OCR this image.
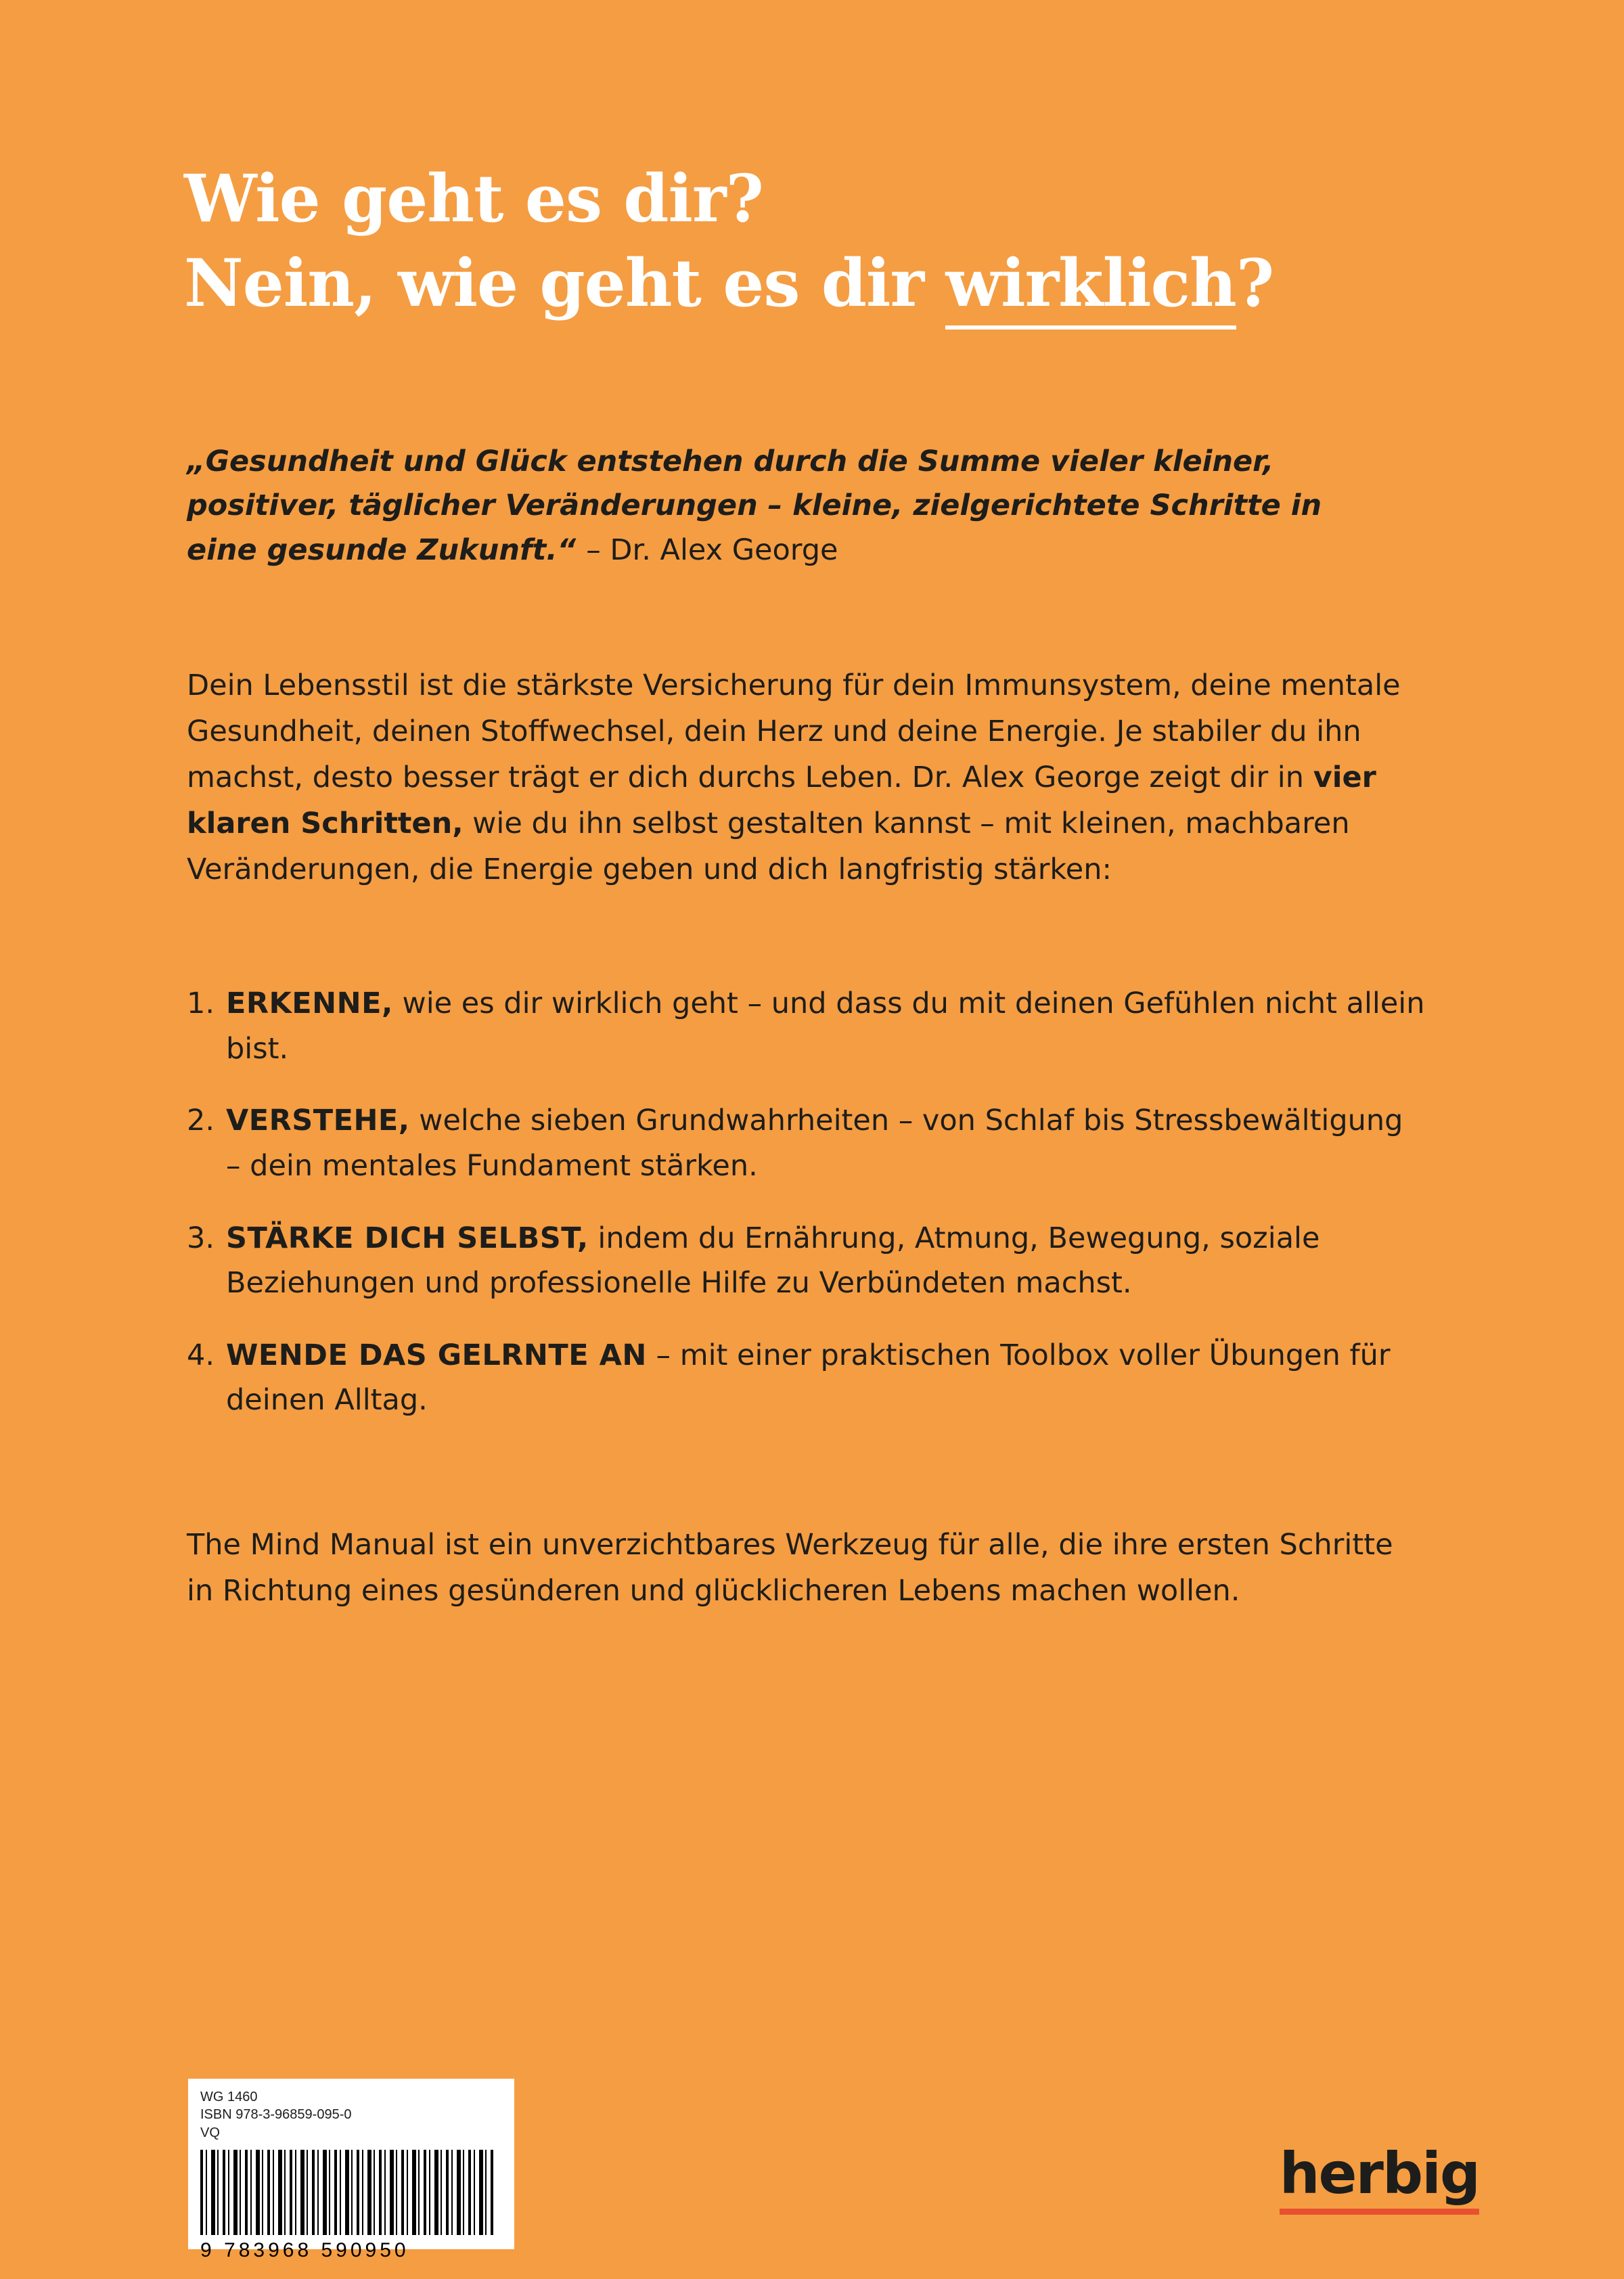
Wie geht es dir?
Nein, wie geht es dir wirklich?
„Gesundheit und Glück entstehen durch die Summe vieler kleiner, positiver, täglicher Veränderungen – kleine, zielgerichtete Schritte in eine gesunde Zukunft.“ – Dr. Alex George
Dein Lebensstil ist die stärkste Versicherung für dein Immunsystem, deine mentale Gesundheit, deinen Stoffwechsel, dein Herz und deine Energie. Je stabiler du ihn machst, desto besser trägt er dich durchs Leben. Dr. Alex George zeigt dir in vier klaren Schritten, wie du ihn selbst gestalten kannst – mit kleinen, machbaren Veränderungen, die Energie geben und dich langfristig stärken:
1. ERKENNE, wie es dir wirklich geht – und dass du mit deinen Gefühlen nicht allein bist.
2. VERSTEHE, welche sieben Grundwahrheiten – von Schlaf bis Stressbewältigung – dein mentales Fundament stärken.
3. STÄRKE DICH SELBST, indem du Ernährung, Atmung, Bewegung, soziale Beziehungen und professionelle Hilfe zu Verbündeten machst.
4. WENDE DAS GELRNTE AN – mit einer praktischen Toolbox voller Übungen für deinen Alltag.
The Mind Manual ist ein unverzichtbares Werkzeug für alle, die ihre ersten Schritte in Richtung eines gesünderen und glücklicheren Lebens machen wollen.
WG 1460
ISBN 978-3-96859-095-0
VQ
9 783968 590950
herbig
